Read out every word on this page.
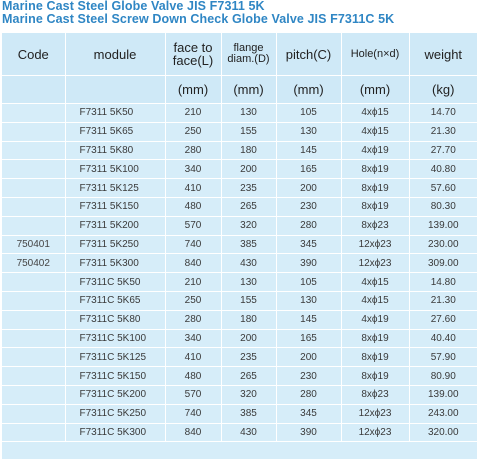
Marine Cast Steel Globe Valve JIS F7311 5K
Marine Cast Steel Screw Down Check Globe Valve JIS F7311C 5K
Code	module	face to face(L)	flange diam.(D)	pitch(C)	Hole(n×d)	weight
		(mm)	(mm)	(mm)	(mm)	(kg)
	F7311 5K50	210	130	105	4xϕ15	14.70
	F7311 5K65	250	155	130	4xϕ15	21.30
	F7311 5K80	280	180	145	4xϕ19	27.70
	F7311 5K100	340	200	165	8xϕ19	40.80
	F7311 5K125	410	235	200	8xϕ19	57.60
	F7311 5K150	480	265	230	8xϕ19	80.30
	F7311 5K200	570	320	280	8xϕ23	139.00
750401	F7311 5K250	740	385	345	12xϕ23	230.00
750402	F7311 5K300	840	430	390	12xϕ23	309.00
	F7311C 5K50	210	130	105	4xϕ15	14.80
	F7311C 5K65	250	155	130	4xϕ15	21.30
	F7311C 5K80	280	180	145	4xϕ19	27.60
	F7311C 5K100	340	200	165	8xϕ19	40.40
	F7311C 5K125	410	235	200	8xϕ19	57.90
	F7311C 5K150	480	265	230	8xϕ19	80.90
	F7311C 5K200	570	320	280	8xϕ23	139.00
	F7311C 5K250	740	385	345	12xϕ23	243.00
	F7311C 5K300	840	430	390	12xϕ23	320.00
